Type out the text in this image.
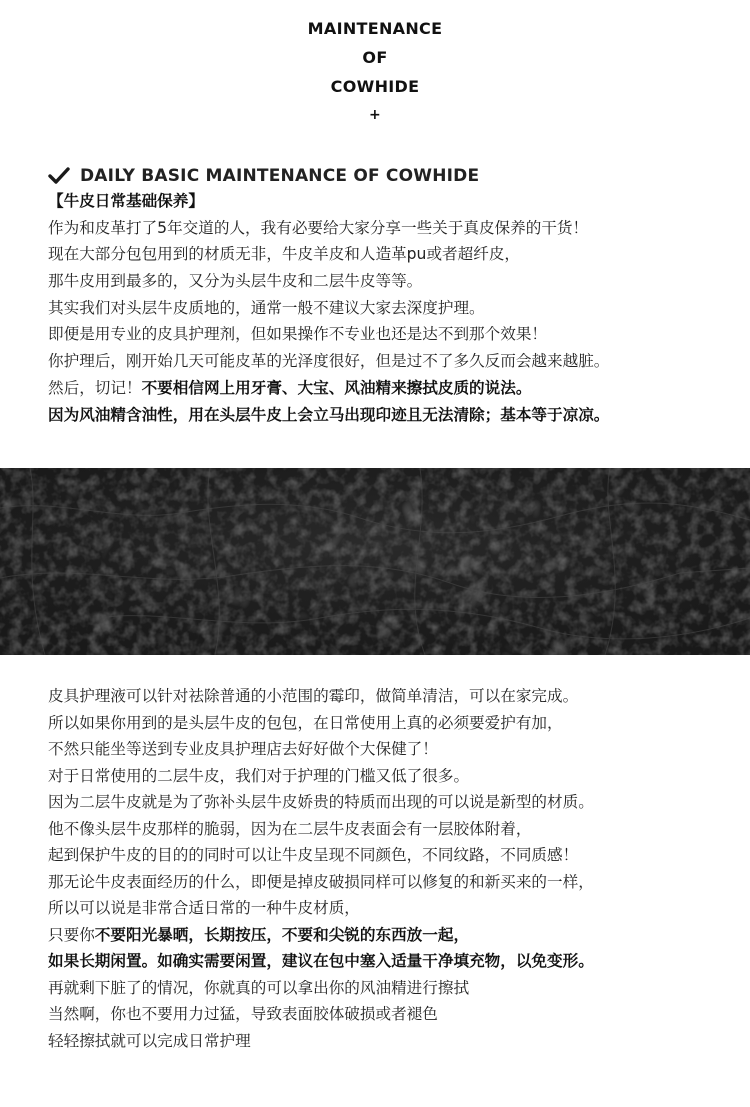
MAINTENANCE
OF
COWHIDE
+
DAILY BASIC MAINTENANCE OF COWHIDE
【牛皮日常基础保养】
作为和皮革打了5年交道的人，我有必要给大家分享一些关于真皮保养的干货！
现在大部分包包用到的材质无非，牛皮羊皮和人造革pu或者超纤皮，
那牛皮用到最多的，又分为头层牛皮和二层牛皮等等。
其实我们对头层牛皮质地的，通常一般不建议大家去深度护理。
即便是用专业的皮具护理剂，但如果操作不专业也还是达不到那个效果！
你护理后，刚开始几天可能皮革的光泽度很好，但是过不了多久反而会越来越脏。
然后，切记！不要相信网上用牙膏、大宝、风油精来擦拭皮质的说法。
因为风油精含油性，用在头层牛皮上会立马出现印迹且无法清除；基本等于凉凉。
皮具护理液可以针对祛除普通的小范围的霉印，做简单清洁，可以在家完成。
所以如果你用到的是头层牛皮的包包，在日常使用上真的必须要爱护有加，
不然只能坐等送到专业皮具护理店去好好做个大保健了！
对于日常使用的二层牛皮，我们对于护理的门槛又低了很多。
因为二层牛皮就是为了弥补头层牛皮娇贵的特质而出现的可以说是新型的材质。
他不像头层牛皮那样的脆弱，因为在二层牛皮表面会有一层胶体附着，
起到保护牛皮的目的的同时可以让牛皮呈现不同颜色，不同纹路，不同质感！
那无论牛皮表面经历的什么，即便是掉皮破损同样可以修复的和新买来的一样，
所以可以说是非常合适日常的一种牛皮材质，
只要你不要阳光暴晒，长期按压，不要和尖锐的东西放一起，
如果长期闲置。如确实需要闲置，建议在包中塞入适量干净填充物，以免变形。
再就剩下脏了的情况，你就真的可以拿出你的风油精进行擦拭
当然啊，你也不要用力过猛，导致表面胶体破损或者褪色
轻轻擦拭就可以完成日常护理
